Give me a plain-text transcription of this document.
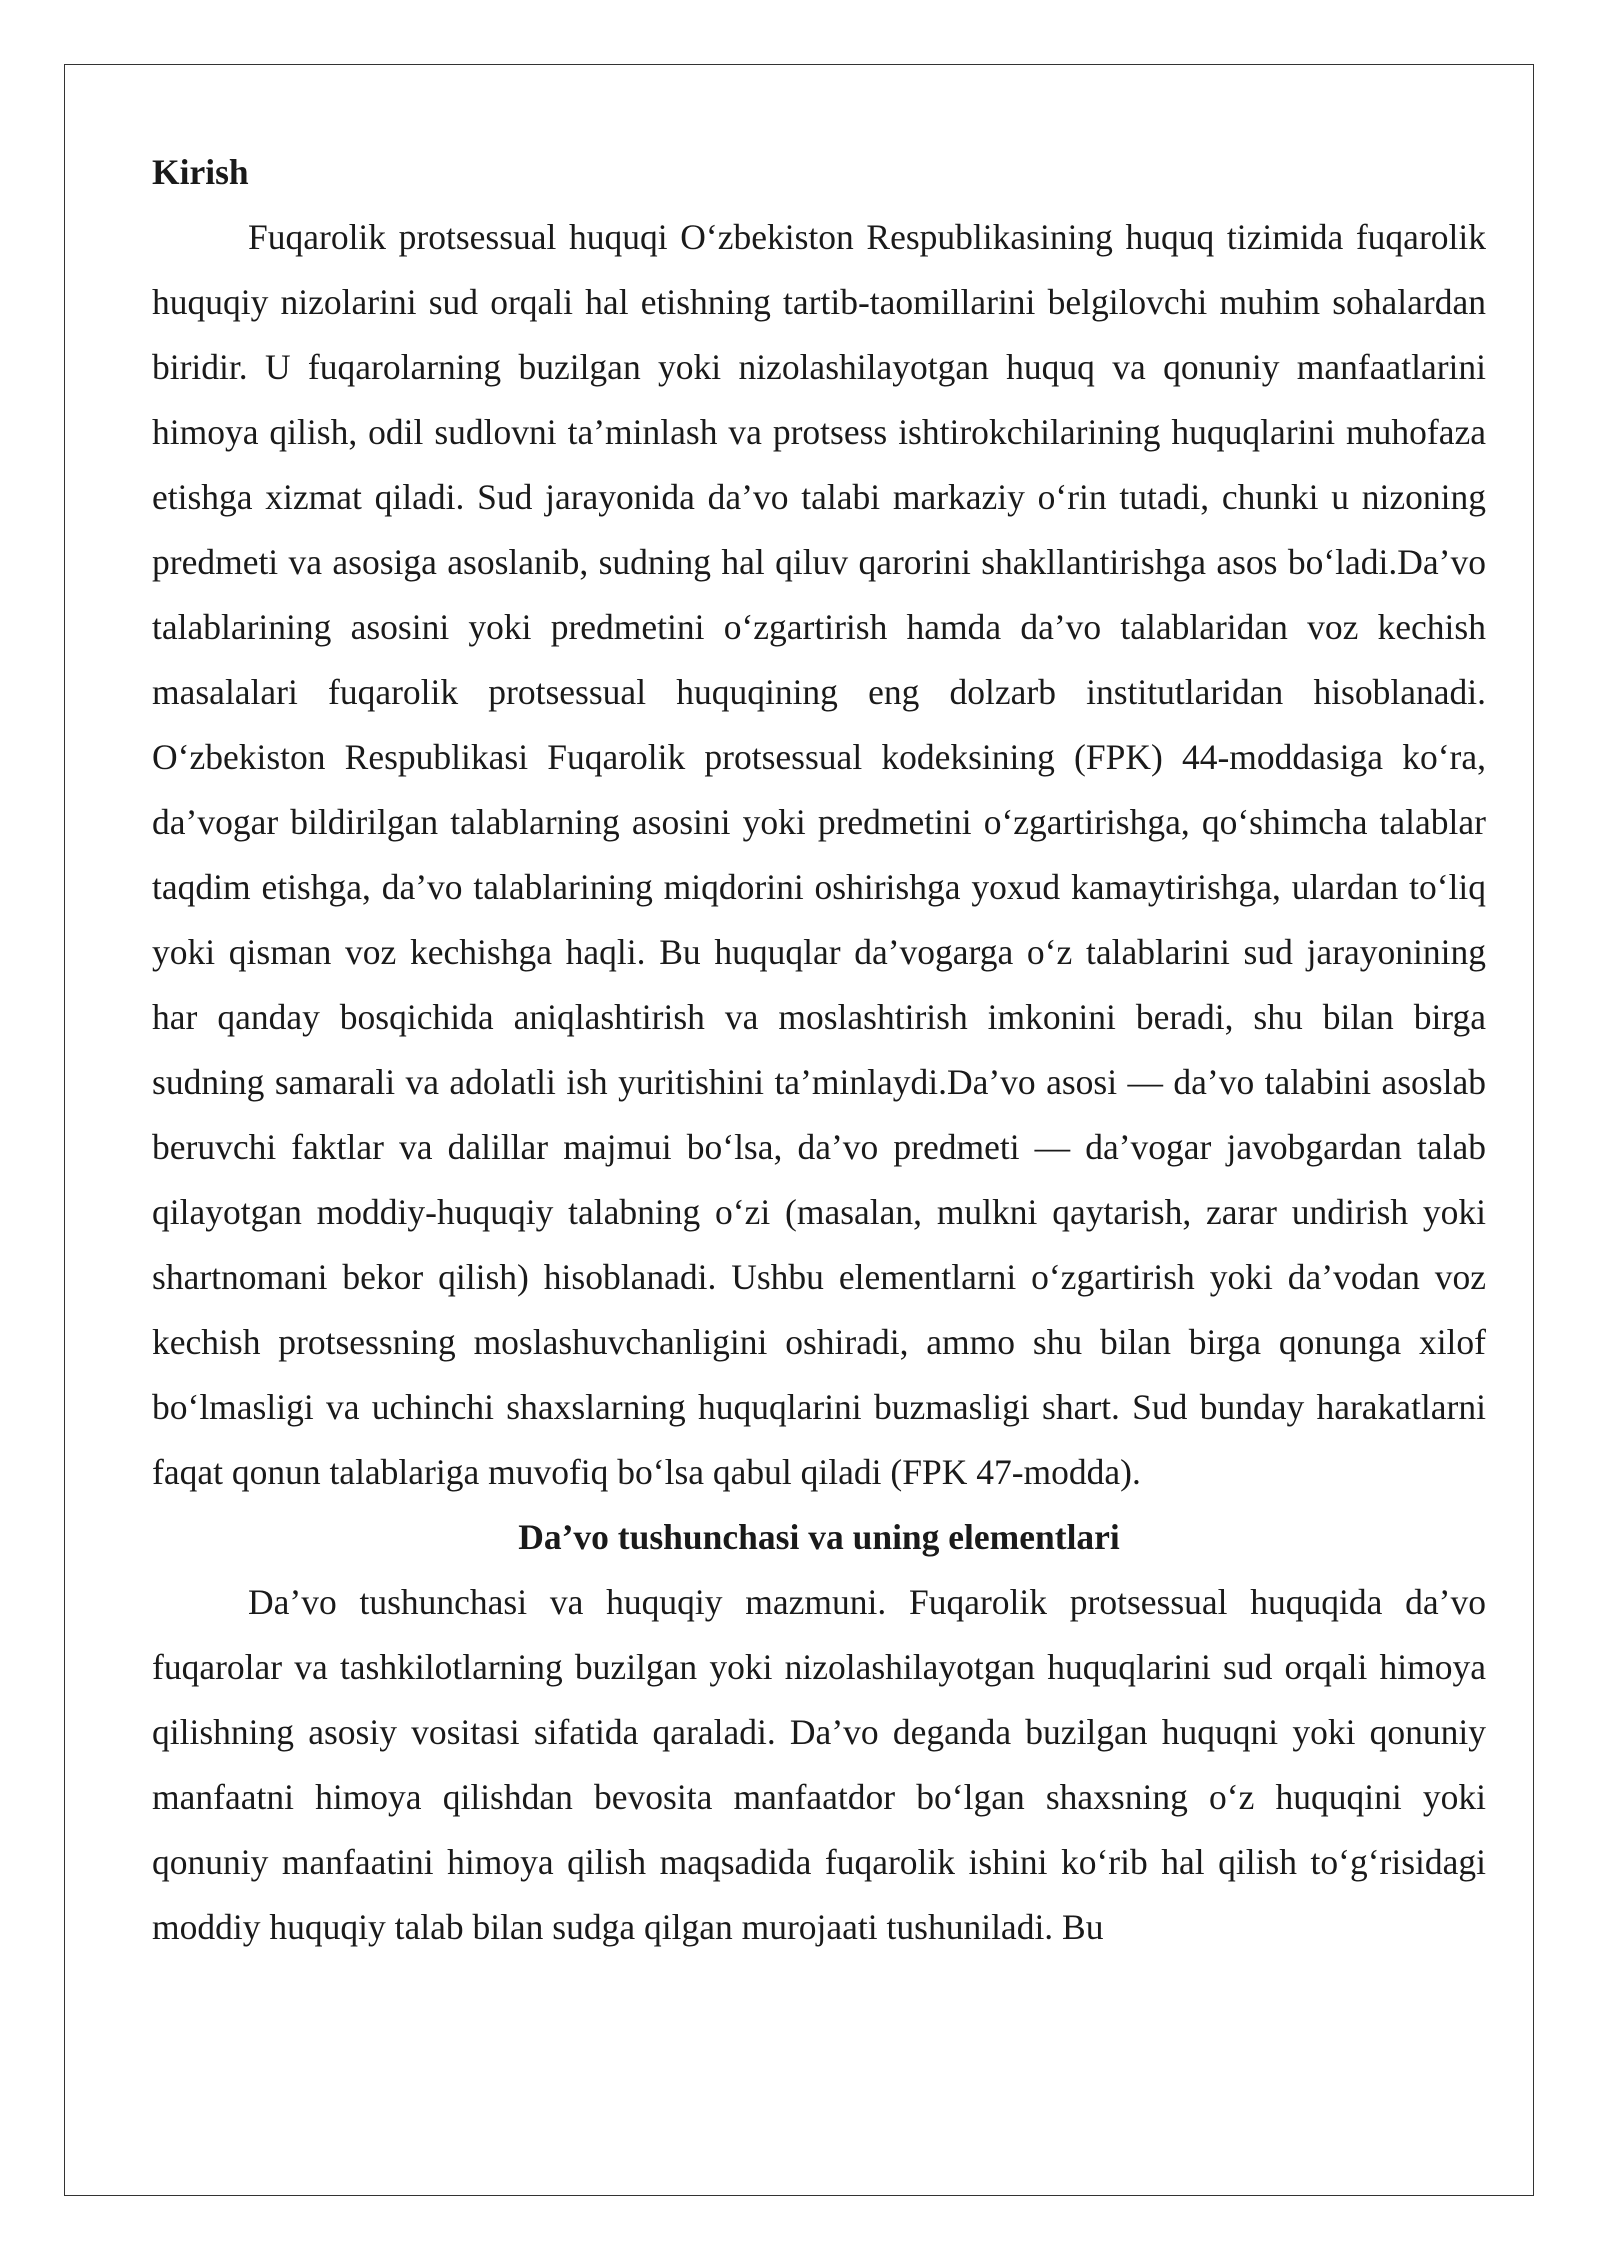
Kirish

Fuqarolik protsessual huquqi O‘zbekiston Respublikasining huquq tizimida fuqarolik huquqiy nizolarini sud orqali hal etishning tartib-taomillarini belgilovchi muhim sohalardan biridir. U fuqarolarning buzilgan yoki nizolashilayotgan huquq va qonuniy manfaatlarini himoya qilish, odil sudlovni ta’minlash va protsess ishtirokchilarining huquqlarini muhofaza etishga xizmat qiladi. Sud jarayonida da’vo talabi markaziy o‘rin tutadi, chunki u nizoning predmeti va asosiga asoslanib, sudning hal qiluv qarorini shakllantirishga asos bo‘ladi.Da’vo talablarining asosini yoki predmetini o‘zgartirish hamda da’vo talablaridan voz kechish masalalari fuqarolik protsessual huquqining eng dolzarb institutlaridan hisoblanadi. O‘zbekiston Respublikasi Fuqarolik protsessual kodeksining (FPK) 44-moddasiga ko‘ra, da’vogar bildirilgan talablarning asosini yoki predmetini o‘zgartirishga, qo‘shimcha talablar taqdim etishga, da’vo talablarining miqdorini oshirishga yoxud kamaytirishga, ulardan to‘liq yoki qisman voz kechishga haqli. Bu huquqlar da’vogarga o‘z talablarini sud jarayonining har qanday bosqichida aniqlashtirish va moslashtirish imkonini beradi, shu bilan birga sudning samarali va adolatli ish yuritishini ta’minlaydi.Da’vo asosi — da’vo talabini asoslab beruvchi faktlar va dalillar majmui bo‘lsa, da’vo predmeti — da’vogar javobgardan talab qilayotgan moddiy-huquqiy talabning o‘zi (masalan, mulkni qaytarish, zarar undirish yoki shartnomani bekor qilish) hisoblanadi. Ushbu elementlarni o‘zgartirish yoki da’vodan voz kechish protsessning moslashuvchanligini oshiradi, ammo shu bilan birga qonunga xilof bo‘lmasligi va uchinchi shaxslarning huquqlarini buzmasligi shart. Sud bunday harakatlarni faqat qonun talablariga muvofiq bo‘lsa qabul qiladi (FPK 47-modda).

Da’vo tushunchasi va uning elementlari

Da’vo tushunchasi va huquqiy mazmuni. Fuqarolik protsessual huquqida da’vo fuqarolar va tashkilotlarning buzilgan yoki nizolashilayotgan huquqlarini sud orqali himoya qilishning asosiy vositasi sifatida qaraladi. Da’vo deganda buzilgan huquqni yoki qonuniy manfaatni himoya qilishdan bevosita manfaatdor bo‘lgan shaxsning o‘z huquqini yoki qonuniy manfaatini himoya qilish maqsadida fuqarolik ishini ko‘rib hal qilish to‘g‘risidagi moddiy huquqiy talab bilan sudga qilgan murojaati tushuniladi. Bu
